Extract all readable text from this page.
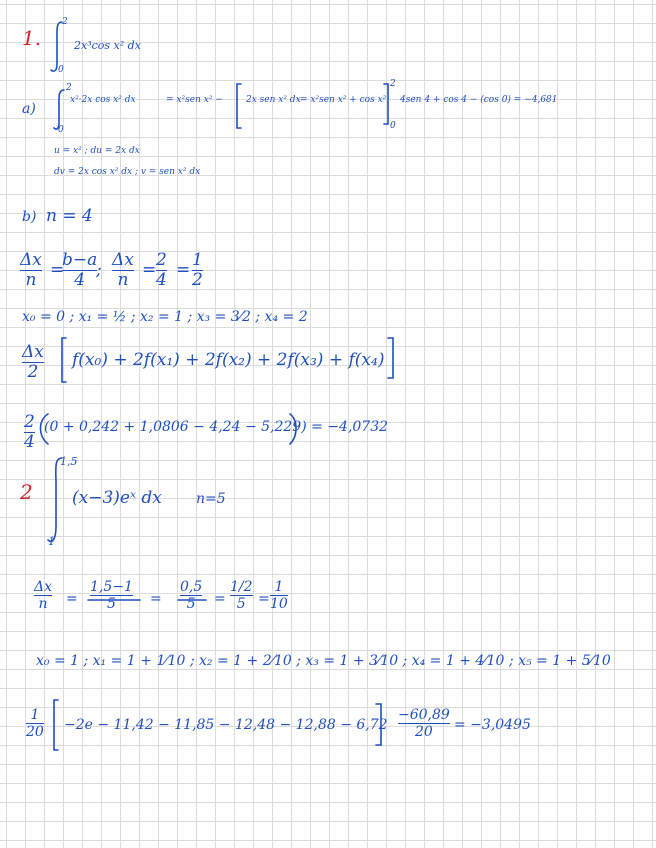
1.
2
0
2x³cos x² dx
a)
2
0
x²·2x cos x² dx	= x²sen x² −	2x sen x² dx = x²sen x² + cos x²
2
0
4sen 4 + cos 4 − (cos 0) = −4,681
u = x² ; du = 2x dx
dv = 2x cos x² dx ; v = sen x² dx
b) n = 4
Δx
n =
b−a
4 ; Δx
n = 2
4 = 1
2
x₀ = 0 ; x₁ = ½ ; x₂ = 1 ; x₃ = 3⁄2 ; x₄ = 2
Δx
2
f(x₀) + 2f(x₁) + 2f(x₂) + 2f(x₃) + f(x₄)
2
4
(0 + 0,242 + 1,0806 − 4,24 − 5,229) = −4,0732
2
1,5
1
(x−3)eˣ dx n=5
Δx
n =
1,5−1
5 =
0,5
5 =
1/2
5 =
1
10
x₀ = 1 ; x₁ = 1 + 1⁄10 ; x₂ = 1 + 2⁄10 ; x₃ = 1 + 3⁄10 ; x₄ = 1 + 4⁄10 ; x₅ = 1 + 5⁄10
1
20 −2e − 11,42 − 11,85 − 12,48 − 12,88 − 6,72
−60,89
20 = −3,0495
